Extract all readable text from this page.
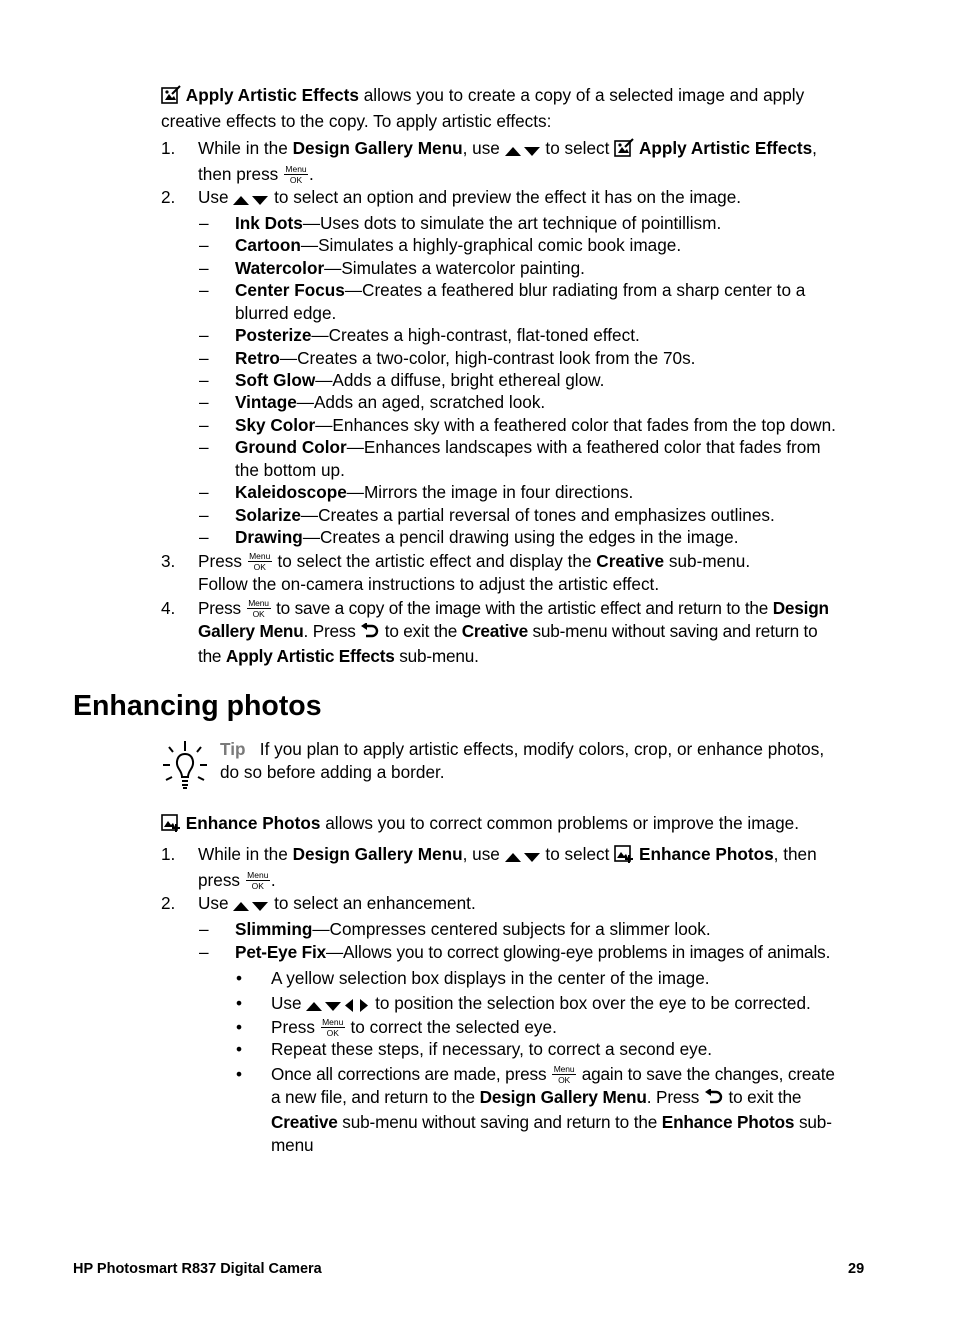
Apply Artistic Effects allows you to create a copy of a selected image and apply
creative effects to the copy. To apply artistic effects:
1. While in the Design Gallery Menu, use  to select  Apply Artistic Effects,
then press Menu
OK .
2. Use  to select an option and preview the effect it has on the image.
– Ink Dots—Uses dots to simulate the art technique of pointillism.
– Cartoon—Simulates a highly-graphical comic book image.
– Watercolor—Simulates a watercolor painting.
– Center Focus—Creates a feathered blur radiating from a sharp center to a
blurred edge.
– Posterize—Creates a high-contrast, flat-toned effect.
– Retro—Creates a two-color, high-contrast look from the 70s.
– Soft Glow—Adds a diffuse, bright ethereal glow.
– Vintage—Adds an aged, scratched look.
– Sky Color—Enhances sky with a feathered color that fades from the top down.
– Ground Color—Enhances landscapes with a feathered color that fades from
the bottom up.
– Kaleidoscope—Mirrors the image in four directions.
– Solarize—Creates a partial reversal of tones and emphasizes outlines.
– Drawing—Creates a pencil drawing using the edges in the image.
3. Press Menu
OK to select the artistic effect and display the Creative sub-menu.
Follow the on-camera instructions to adjust the artistic effect.
4. Press Menu
OK to save a copy of the image with the artistic effect and return to the Design
Gallery Menu. Press  to exit the Creative sub-menu without saving and return to
the Apply Artistic Effects sub-menu.
Enhancing photos
Tip If you plan to apply artistic effects, modify colors, crop, or enhance photos,
do so before adding a border.
Enhance Photos allows you to correct common problems or improve the image.
1. While in the Design Gallery Menu, use  to select  Enhance Photos, then
press Menu
OK .
2. Use  to select an enhancement.
– Slimming—Compresses centered subjects for a slimmer look.
– Pet-Eye Fix—Allows you to correct glowing-eye problems in images of animals.
• A yellow selection box displays in the center of the image.
• Use	to position the selection box over the eye to be corrected.
• Press Menu
OK to correct the selected eye.
• Repeat these steps, if necessary, to correct a second eye.
• Once all corrections are made, press Menu
OK again to save the changes, create
a new file, and return to the Design Gallery Menu. Press  to exit the
Creative sub-menu without saving and return to the Enhance Photos sub-
menu
HP Photosmart R837 Digital Camera	29
